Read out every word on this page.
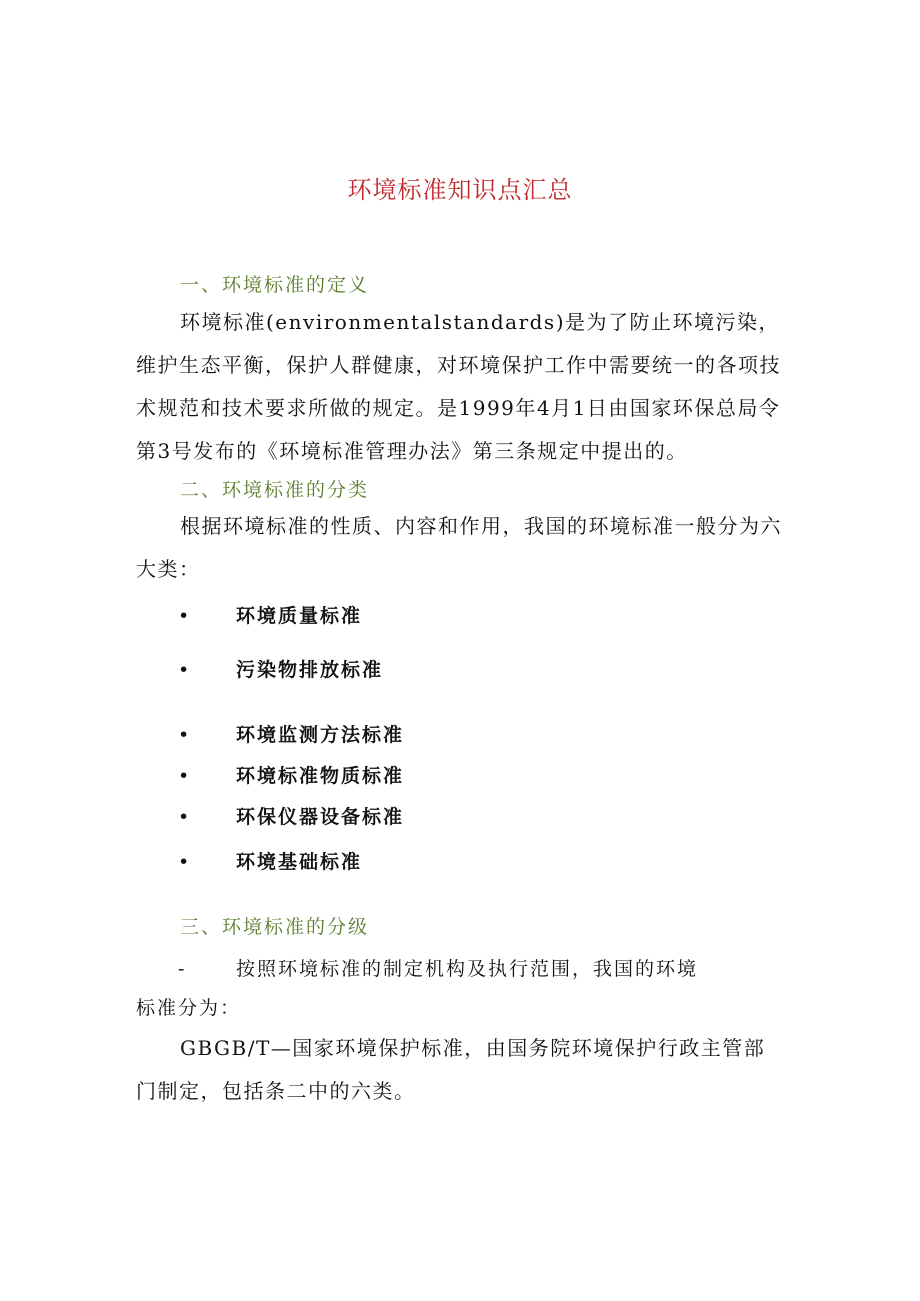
环境标准知识点汇总
一、环境标准的定义

环境标准(environmentalstandards)是为了防止环境污染，维护生态平衡，保护人群健康，对环境保护工作中需要统一的各项技术规范和技术要求所做的规定。是1999年4月1日由国家环保总局令第3号发布的《环境标准管理办法》第三条规定中提出的。

二、环境标准的分类

根据环境标准的性质、内容和作用，我国的环境标准一般分为六大类：

• 环境质量标准
• 污染物排放标准
• 环境监测方法标准
• 环境标准物质标准
• 环保仪器设备标准
• 环境基础标准
三、环境标准的分级
-	按照环境标准的制定机构及执行范围，我国的环境
标准分为：

GBGB/T—国家环境保护标准，由国务院环境保护行政主管部门制定，包括条二中的六类。
